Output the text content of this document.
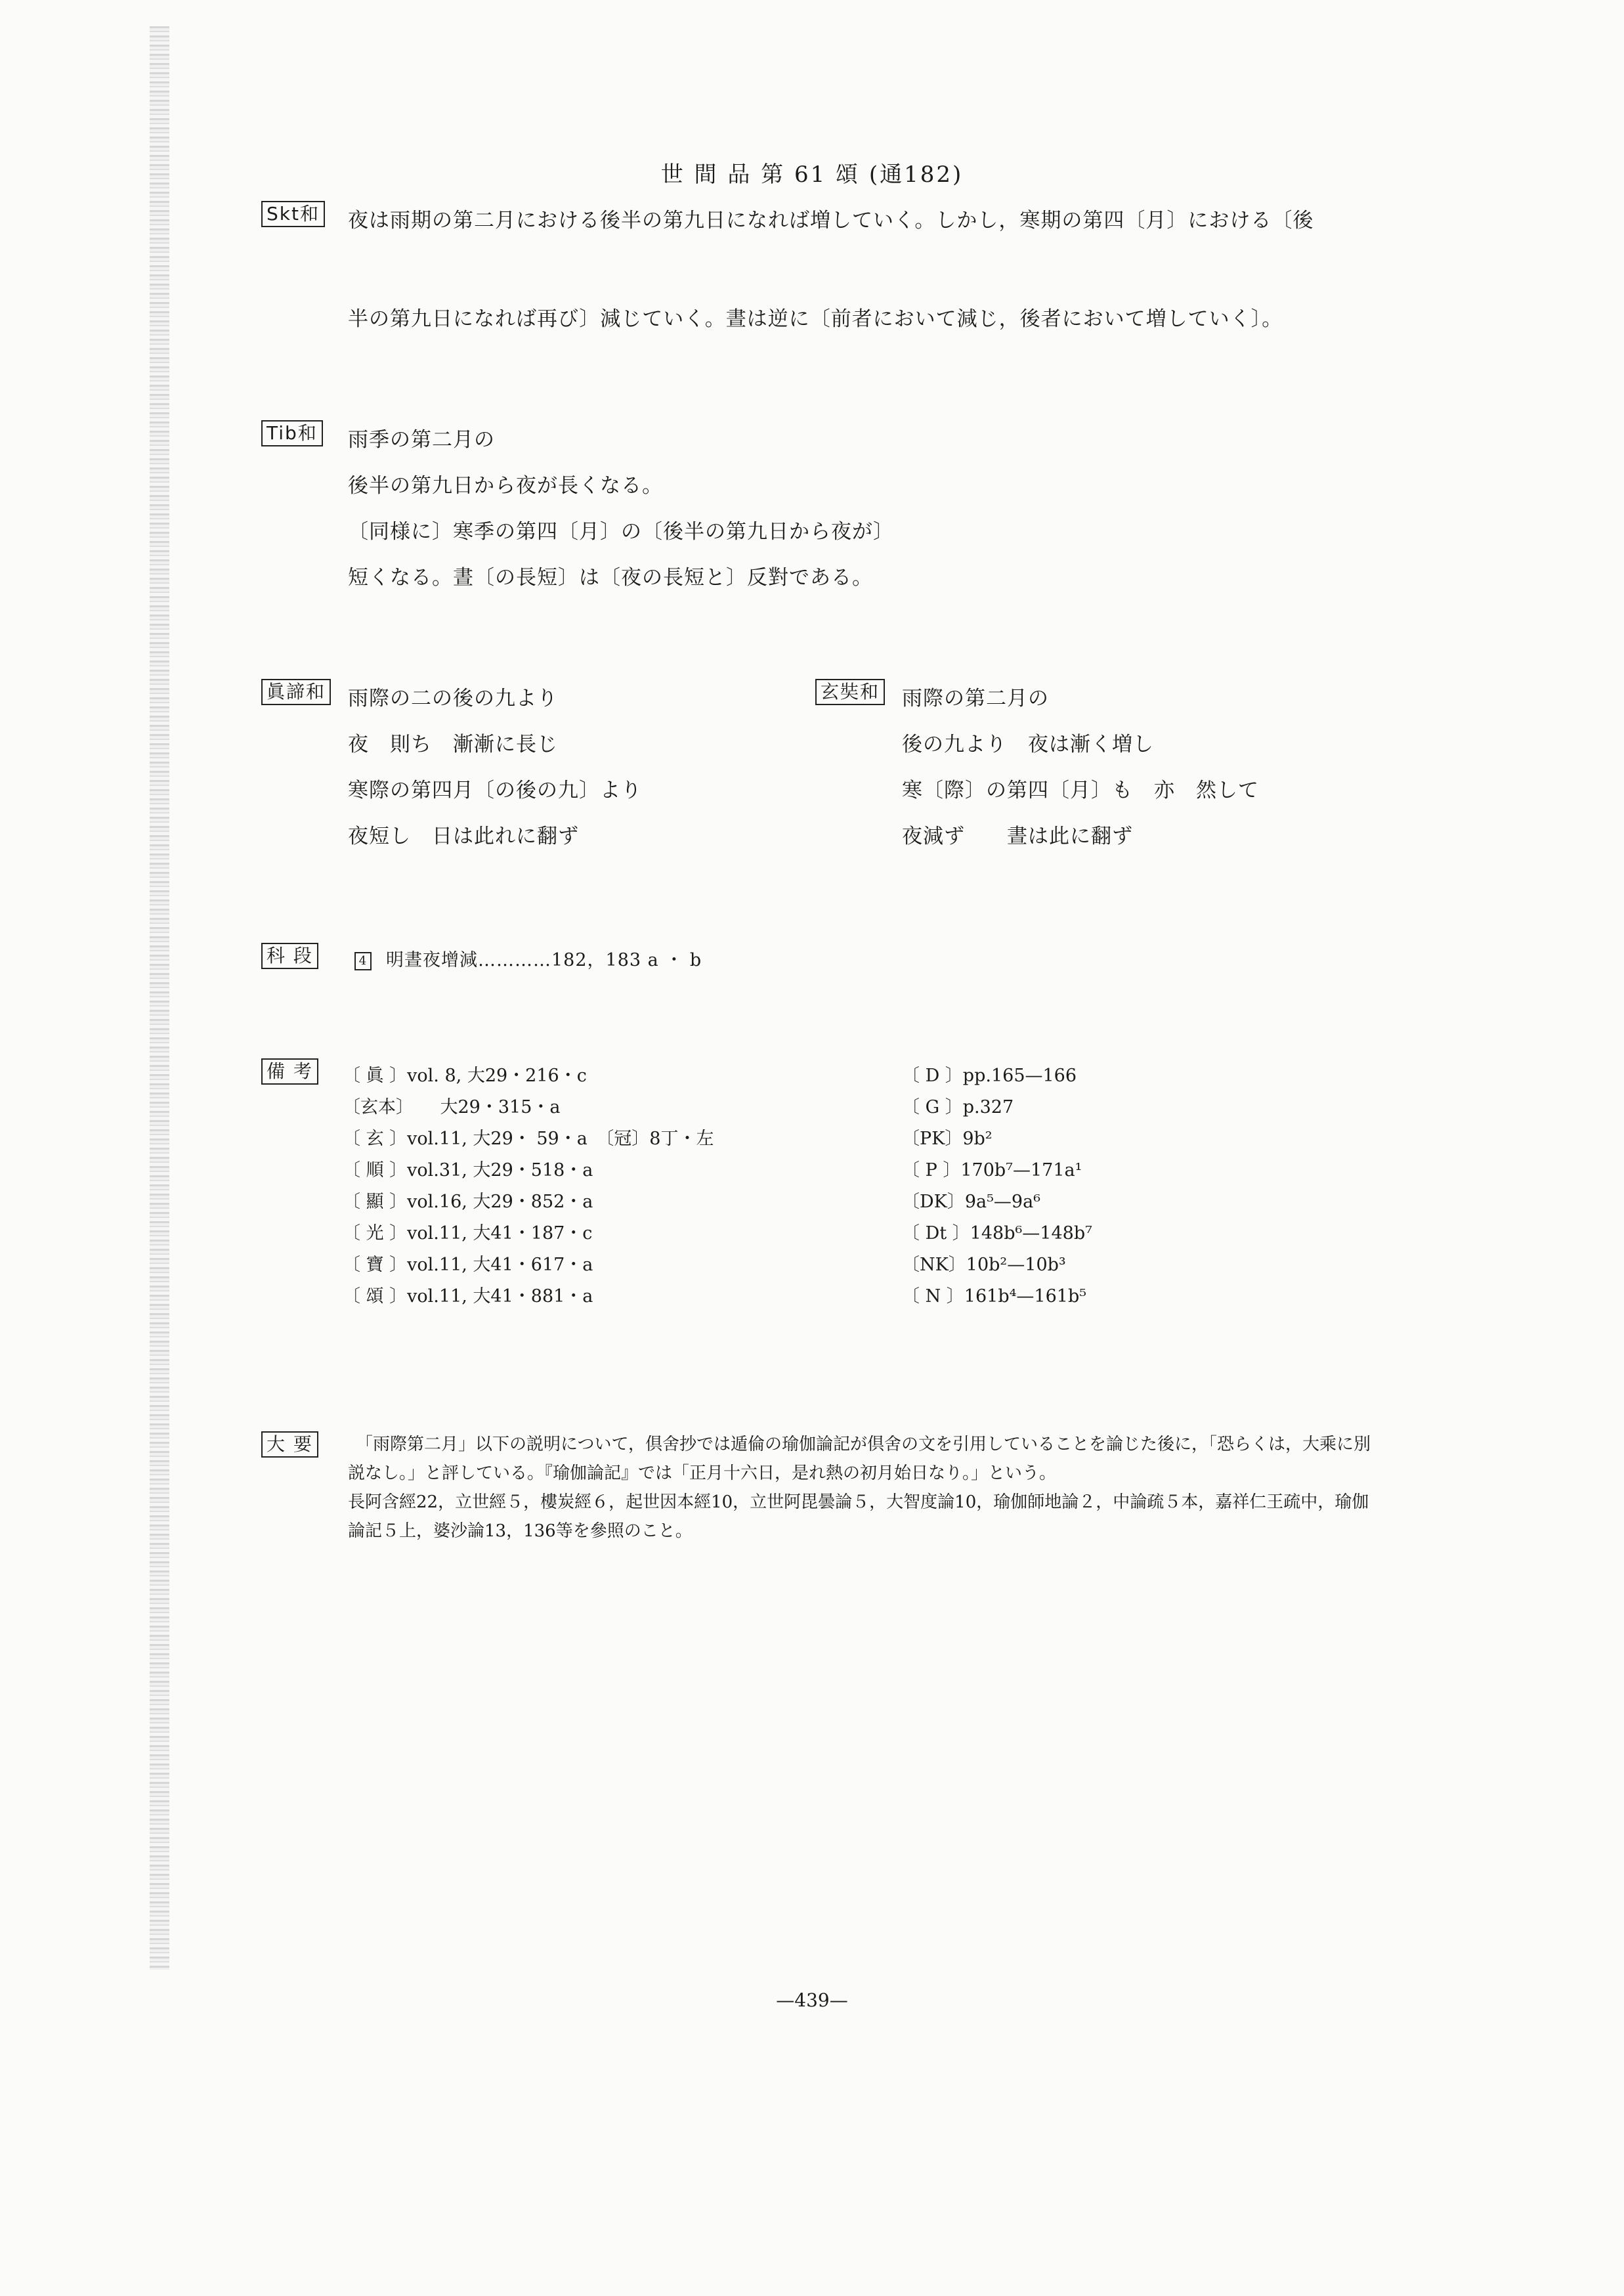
世 間 品 第 61 頌 (通182)
Skt和 夜は雨期の第二月における後半の第九日になれば増していく。しかし，寒期の第四〔月〕における〔後
半の第九日になれば再び〕減じていく。晝は逆に〔前者において減じ，後者において増していく〕。
Tib和 雨季の第二月の
後半の第九日から夜が長くなる。
〔同様に〕寒季の第四〔月〕の〔後半の第九日から夜が〕
短くなる。晝〔の長短〕は〔夜の長短と〕反對である。
眞諦和 雨際の二の後の九より
夜　則ち　漸漸に長じ
寒際の第四月〔の後の九〕より
夜短し　日は此れに翻ず
玄奘和 雨際の第二月の
後の九より　夜は漸く増し
寒〔際〕の第四〔月〕も　亦　然して
夜減ず　　晝は此に翻ず
科 段	4 明晝夜增減…………182，183 a ・ b
備 考 〔 眞 〕vol. 8, 大29・216・c
〔玄本〕　　大29・315・a
〔 玄 〕vol.11, 大29・ 59・a　〔冠〕8丁・左
〔 順 〕vol.31, 大29・518・a
〔 顯 〕vol.16, 大29・852・a
〔 光 〕vol.11, 大41・187・c
〔 寶 〕vol.11, 大41・617・a
〔 頌 〕vol.11, 大41・881・a
〔 D 〕pp.165—166
〔 G 〕p.327
〔PK〕9b²
〔 P 〕170b⁷—171a¹
〔DK〕9a⁵—9a⁶
〔 Dt 〕148b⁶—148b⁷
〔NK〕10b²—10b³
〔 N 〕161b⁴—161b⁵
大 要	「雨際第二月」以下の説明について，倶舍抄では遁倫の瑜伽論記が倶舍の文を引用していることを論じた後に，「恐らくは，大乘に別説なし。」と評している。『瑜伽論記』では「正月十六日，是れ熱の初月始日なり。」という。
長阿含經22，立世經５，樓炭經６，起世因本經10，立世阿毘曇論５，大智度論10，瑜伽師地論２，中論疏５本，嘉祥仁王疏中，瑜伽論記５上，婆沙論13，136等を參照のこと。
—439—
